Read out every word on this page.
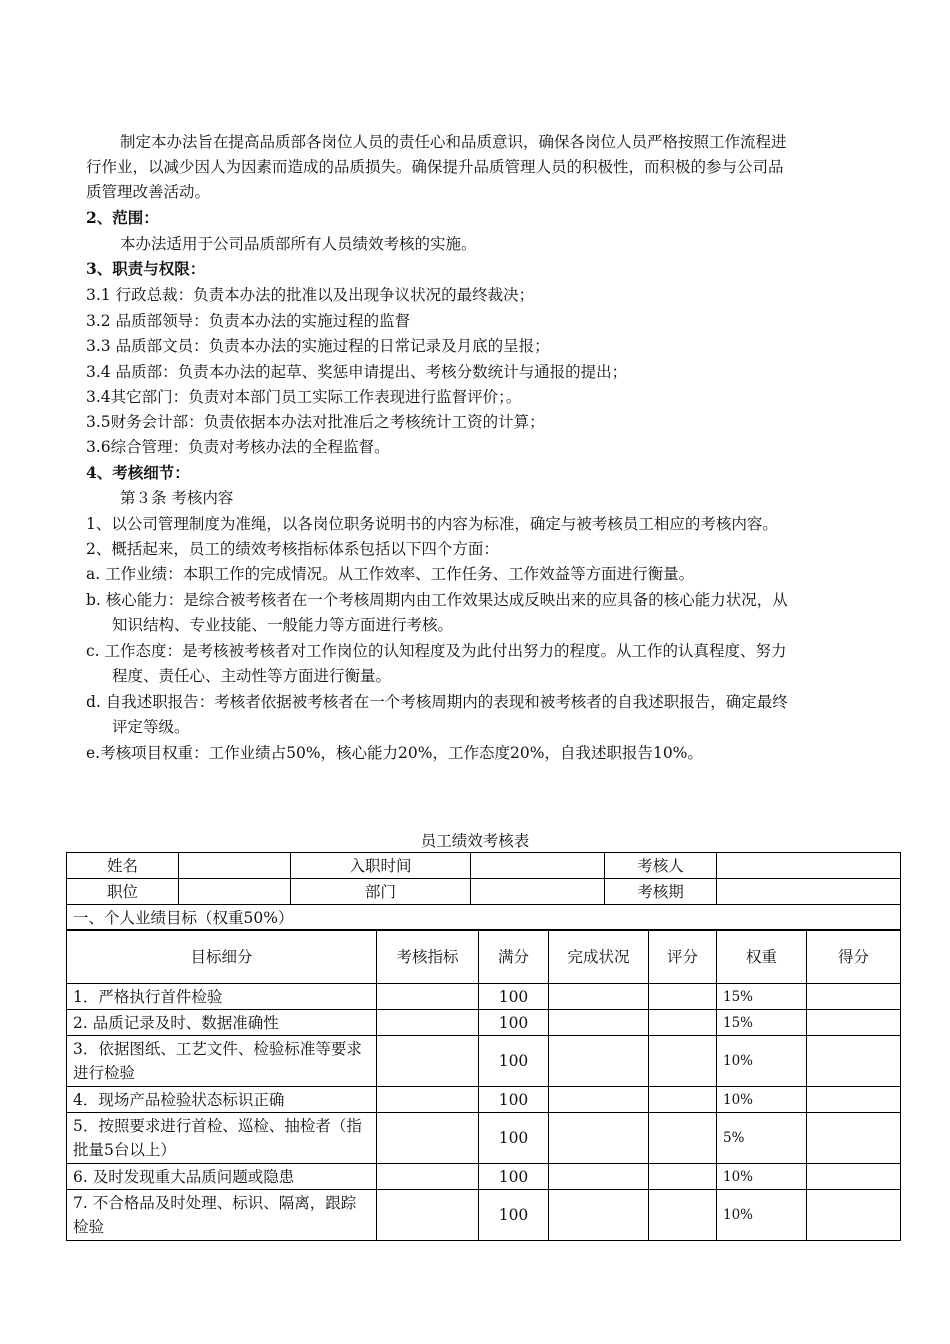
制定本办法旨在提高品质部各岗位人员的责任心和品质意识，确保各岗位人员严格按照工作流程进
行作业，以减少因人为因素而造成的品质损失。确保提升品质管理人员的积极性，而积极的参与公司品
质管理改善活动。
2、范围：
本办法适用于公司品质部所有人员绩效考核的实施。
3、职责与权限：
3.1 行政总裁：负责本办法的批准以及出现争议状况的最终裁决；
3.2 品质部领导：负责本办法的实施过程的监督
3.3 品质部文员：负责本办法的实施过程的日常记录及月底的呈报；
3.4 品质部：负责本办法的起草、奖惩申请提出、考核分数统计与通报的提出；
3.4其它部门：负责对本部门员工实际工作表现进行监督评价；。
3.5财务会计部：负责依据本办法对批准后之考核统计工资的计算；
3.6综合管理：负责对考核办法的全程监督。
4、考核细节：
第３条 考核内容
1、以公司管理制度为准绳，以各岗位职务说明书的内容为标准，确定与被考核员工相应的考核内容。
2、概括起来，员工的绩效考核指标体系包括以下四个方面：
a. 工作业绩：本职工作的完成情况。从工作效率、工作任务、工作效益等方面进行衡量。
b. 核心能力：是综合被考核者在一个考核周期内由工作效果达成反映出来的应具备的核心能力状况，从
知识结构、专业技能、一般能力等方面进行考核。
c. 工作态度：是考核被考核者对工作岗位的认知程度及为此付出努力的程度。从工作的认真程度、努力
程度、责任心、主动性等方面进行衡量。
d. 自我述职报告：考核者依据被考核者在一个考核周期内的表现和被考核者的自我述职报告，确定最终
评定等级。
e.考核项目权重：工作业绩占50%，核心能力20%，工作态度20%，自我述职报告10%。
员工绩效考核表
姓名		入职时间		考核人	
职位		部门		考核期	
一、个人业绩目标（权重50%）					
目标细分	考核指标	满分	完成状况	评分	权重	得分
1．严格执行首件检验		100			15%	
2. 品质记录及时、数据准确性		100			15%	
3．依据图纸、工艺文件、检验标准等要求进行检验		100			10%	
4．现场产品检验状态标识正确		100			10%	
5．按照要求进行首检、巡检、抽检者（指批量5台以上）		100			5%	
6. 及时发现重大品质问题或隐患		100			10%	
7. 不合格品及时处理、标识、隔离，跟踪检验		100			10%	
